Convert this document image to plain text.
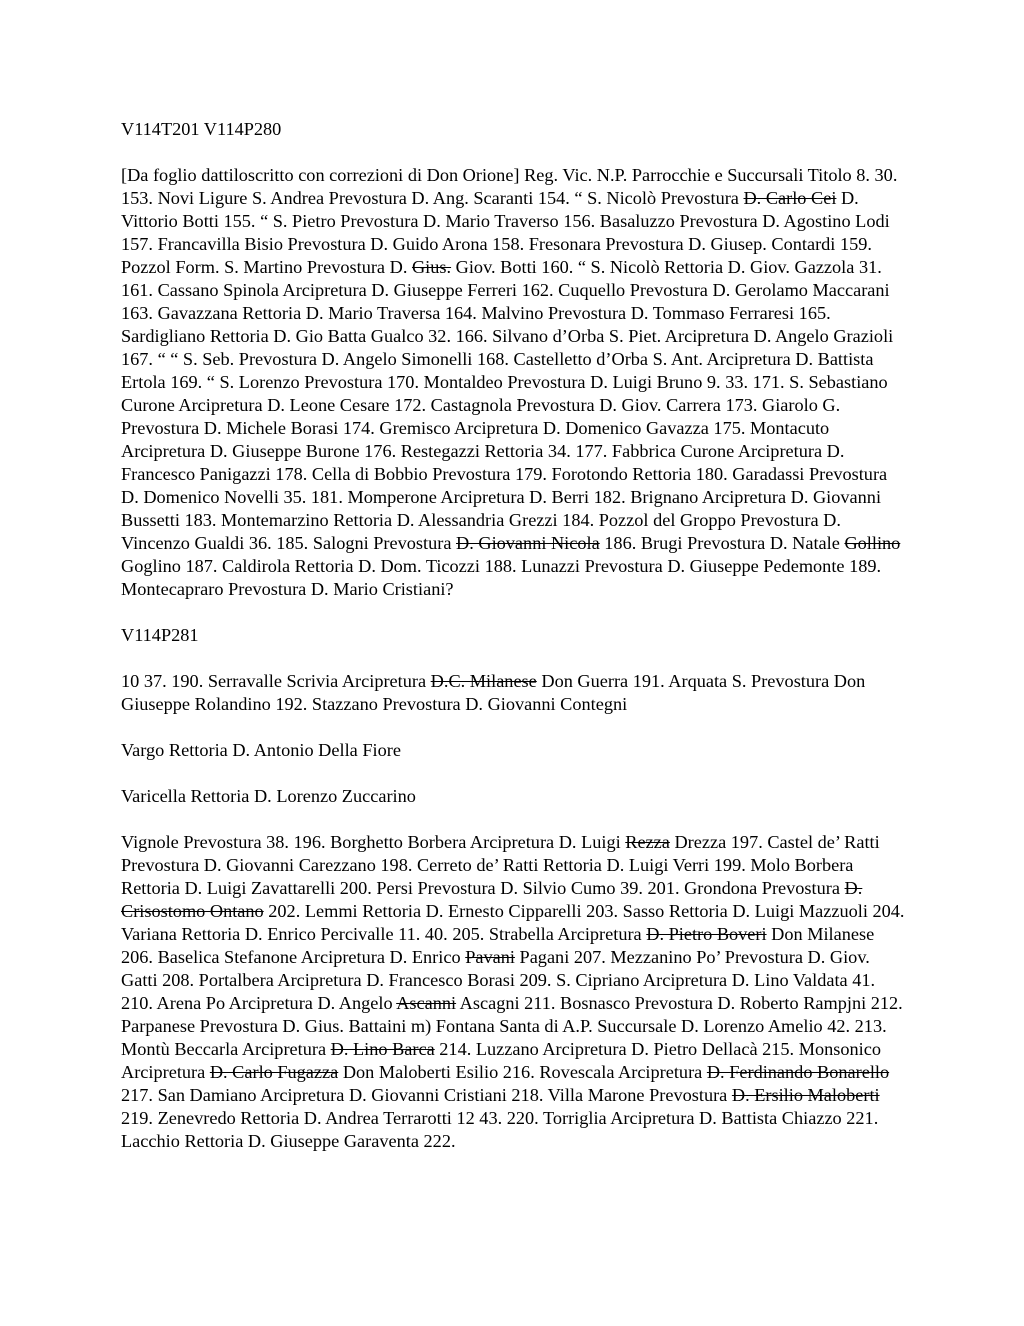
V114T201 V114P280

[Da foglio dattiloscritto con correzioni di Don Orione] Reg. Vic. N.P. Parrocchie e Succursali Titolo 8. 30. 153. Novi Ligure S. Andrea Prevostura D. Ang. Scaranti 154. “ S. Nicolò Prevostura D. Carlo Cei D. Vittorio Botti 155. “ S. Pietro Prevostura D. Mario Traverso 156. Basaluzzo Prevostura D. Agostino Lodi 157. Francavilla Bisio Prevostura D. Guido Arona 158. Fresonara Prevostura D. Giusep. Contardi 159. Pozzol Form. S. Martino Prevostura D. Gius. Giov. Botti 160. “ S. Nicolò Rettoria D. Giov. Gazzola 31. 161. Cassano Spinola Arcipretura D. Giuseppe Ferreri 162. Cuquello Prevostura D. Gerolamo Maccarani 163. Gavazzana Rettoria D. Mario Traversa 164. Malvino Prevostura D. Tommaso Ferraresi 165. Sardigliano Rettoria D. Gio Batta Gualco 32. 166. Silvano d’Orba S. Piet. Arcipretura D. Angelo Grazioli 167. “ “ S. Seb. Prevostura D. Angelo Simonelli 168. Castelletto d’Orba S. Ant. Arcipretura D. Battista Ertola 169. “ S. Lorenzo Prevostura 170. Montaldeo Prevostura D. Luigi Bruno 9. 33. 171. S. Sebastiano Curone Arcipretura D. Leone Cesare 172. Castagnola Prevostura D. Giov. Carrera 173. Giarolo G. Prevostura D. Michele Borasi 174. Gremisco Arcipretura D. Domenico Gavazza 175. Montacuto Arcipretura D. Giuseppe Burone 176. Restegazzi Rettoria 34. 177. Fabbrica Curone Arcipretura D. Francesco Panigazzi 178. Cella di Bobbio Prevostura 179. Forotondo Rettoria 180. Garadassi Prevostura D. Domenico Novelli 35. 181. Momperone Arcipretura D. Berri 182. Brignano Arcipretura D. Giovanni Bussetti 183. Montemarzino Rettoria D. Alessandria Grezzi 184. Pozzol del Groppo Prevostura D. Vincenzo Gualdi 36. 185. Salogni Prevostura D. Giovanni Nicola 186. Brugi Prevostura D. Natale Gollino Goglino 187. Caldirola Rettoria D. Dom. Ticozzi 188. Lunazzi Prevostura D. Giuseppe Pedemonte 189. Montecapraro Prevostura D. Mario Cristiani?

V114P281

10 37. 190. Serravalle Scrivia Arcipretura D.C. Milanese Don Guerra 191. Arquata S. Prevostura Don Giuseppe Rolandino 192. Stazzano Prevostura D. Giovanni Contegni

Vargo Rettoria D. Antonio Della Fiore

Varicella Rettoria D. Lorenzo Zuccarino

Vignole Prevostura 38. 196. Borghetto Borbera Arcipretura D. Luigi Rezza Drezza 197. Castel de’ Ratti Prevostura D. Giovanni Carezzano 198. Cerreto de’ Ratti Rettoria D. Luigi Verri 199. Molo Borbera Rettoria D. Luigi Zavattarelli 200. Persi Prevostura D. Silvio Cumo 39. 201. Grondona Prevostura D. Crisostomo Ontano 202. Lemmi Rettoria D. Ernesto Cipparelli 203. Sasso Rettoria D. Luigi Mazzuoli 204. Variana Rettoria D. Enrico Percivalle 11. 40. 205. Strabella Arcipretura D. Pietro Boveri Don Milanese 206. Baselica Stefanone Arcipretura D. Enrico Pavani Pagani 207. Mezzanino Po’ Prevostura D. Giov. Gatti 208. Portalbera Arcipretura D. Francesco Borasi 209. S. Cipriano Arcipretura D. Lino Valdata 41. 210. Arena Po Arcipretura D. Angelo Ascanni Ascagni 211. Bosnasco Prevostura D. Roberto Rampjni 212. Parpanese Prevostura D. Gius. Battaini m) Fontana Santa di A.P. Succursale D. Lorenzo Amelio 42. 213. Montù Beccarla Arcipretura D. Lino Barca 214. Luzzano Arcipretura D. Pietro Dellacà 215. Monsonico Arcipretura D. Carlo Fugazza Don Maloberti Esilio 216. Rovescala Arcipretura D. Ferdinando Bonarello 217. San Damiano Arcipretura D. Giovanni Cristiani 218. Villa Marone Prevostura D. Ersilio Maloberti 219. Zenevredo Rettoria D. Andrea Terrarotti 12 43. 220. Torriglia Arcipretura D. Battista Chiazzo 221. Lacchio Rettoria D. Giuseppe Garaventa 222.
